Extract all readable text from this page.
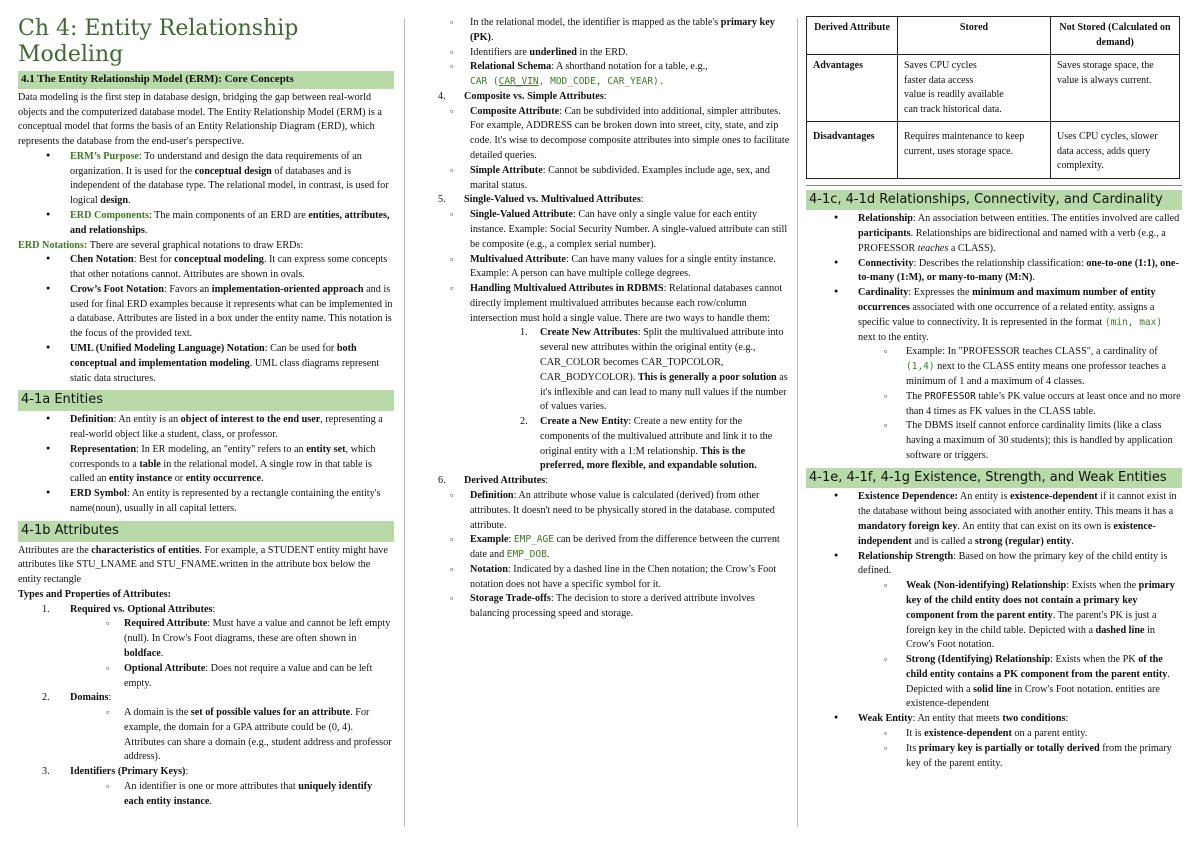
Ch 4: Entity Relationship Modeling
4.1 The Entity Relationship Model (ERM): Core Concepts

Data modeling is the first step in database design, bridging the gap between real-world objects and the computerized database model. The Entity Relationship Model (ERM) is a conceptual model that forms the basis of an Entity Relationship Diagram (ERD), which represents the database from the end-user's perspective.

● ERM’s Purpose: To understand and design the data requirements of an organization. It is used for the conceptual design of databases and is independent of the database type. The relational model, in contrast, is used for logical design.
● ERD Components: The main components of an ERD are entities, attributes, and relationships.

ERD Notations: There are several graphical notations to draw ERDs:

● Chen Notation: Best for conceptual modeling. It can express some concepts that other notations cannot. Attributes are shown in ovals.
● Crow’s Foot Notation: Favors an implementation-oriented approach and is used for final ERD examples because it represents what can be implemented in a database. Attributes are listed in a box under the entity name. This notation is the focus of the provided text.
● UML (Unified Modeling Language) Notation: Can be used for both conceptual and implementation modeling. UML class diagrams represent static data structures.
4-1a Entities
● Definition: An entity is an object of interest to the end user, representing a real-world object like a student, class, or professor.
● Representation: In ER modeling, an "entity" refers to an entity set, which corresponds to a table in the relational model. A single row in that table is called an entity instance or entity occurrence.
● ERD Symbol: An entity is represented by a rectangle containing the entity's name(noun), usually in all capital letters.
4-1b Attributes

Attributes are the characteristics of entities. For example, a STUDENT entity might have attributes like STU_LNAME and STU_FNAME.written in the attribute box below the entity rectangle

Types and Properties of Attributes:

1. Required vs. Optional Attributes:
▫ Required Attribute: Must have a value and cannot be left empty (null). In Crow's Foot diagrams, these are often shown in boldface.
▫ Optional Attribute: Does not require a value and can be left empty.
2. Domains:
▫ A domain is the set of possible values for an attribute. For example, the domain for a GPA attribute could be (0, 4). Attributes can share a domain (e.g., student address and professor address).
3. Identifiers (Primary Keys):
▫ An identifier is one or more attributes that uniquely identify each entity instance.
▫ In the relational model, the identifier is mapped as the table's primary key (PK).
▫ Identifiers are underlined in the ERD.
▫ Relational Schema: A shorthand notation for a table, e.g.,
CAR (CAR_VIN, MOD_CODE, CAR_YEAR).
4. Composite vs. Simple Attributes:
▫ Composite Attribute: Can be subdivided into additional, simpler attributes. For example, ADDRESS can be broken down into street, city, state, and zip code. It's wise to decompose composite attributes into simple ones to facilitate detailed queries.
▫ Simple Attribute: Cannot be subdivided. Examples include age, sex, and marital status.
5. Single-Valued vs. Multivalued Attributes:
▫ Single-Valued Attribute: Can have only a single value for each entity instance. Example: Social Security Number. A single-valued attribute can still be composite (e.g., a complex serial number).
▫ Multivalued Attribute: Can have many values for a single entity instance. Example: A person can have multiple college degrees.
▫ Handling Multivalued Attributes in RDBMS: Relational databases cannot directly implement multivalued attributes because each row/column intersection must hold a single value. There are two ways to handle them:
1. Create New Attributes: Split the multivalued attribute into several new attributes within the original entity (e.g., CAR_COLOR becomes CAR_TOPCOLOR, CAR_BODYCOLOR). This is generally a poor solution as it's inflexible and can lead to many null values if the number of values varies.
2. Create a New Entity: Create a new entity for the components of the multivalued attribute and link it to the original entity with a 1:M relationship. This is the preferred, more flexible, and expandable solution.
6. Derived Attributes:
▫ Definition: An attribute whose value is calculated (derived) from other attributes. It doesn't need to be physically stored in the database. computed attribute.
▫ Example: EMP_AGE can be derived from the difference between the current date and EMP_DOB.
▫ Notation: Indicated by a dashed line in the Chen notation; the Crow’s Foot notation does not have a specific symbol for it.
▫ Storage Trade-offs: The decision to store a derived attribute involves balancing processing speed and storage.
Derived Attribute	Stored	Not Stored (Calculated on demand)
Advantages	Saves CPU cycles
faster data access
value is readily available
can track historical data.	Saves storage space, the value is always current.
Disadvantages	Requires maintenance to keep current, uses storage space.	Uses CPU cycles, slower data access, adds query complexity.
4-1c, 4-1d Relationships, Connectivity, and Cardinality
● Relationship: An association between entities. The entities involved are called participants. Relationships are bidirectional and named with a verb (e.g., a PROFESSOR teaches a CLASS).
● Connectivity: Describes the relationship classification: one-to-one (1:1), one-to-many (1:M), or many-to-many (M:N).
● Cardinality: Expresses the minimum and maximum number of entity occurrences associated with one occurrence of a related entity. assigns a specific value to connectivity. It is represented in the format (min, max) next to the entity.
▫ Example: In "PROFESSOR teaches CLASS", a cardinality of (1,4) next to the CLASS entity means one professor teaches a minimum of 1 and a maximum of 4 classes.
▫ The PROFESSOR table’s PK value occurs at least once and no more than 4 times as FK values in the CLASS table.
▫ The DBMS itself cannot enforce cardinality limits (like a class having a maximum of 30 students); this is handled by application software or triggers.
4-1e, 4-1f, 4-1g Existence, Strength, and Weak Entities
● Existence Dependence: An entity is existence-dependent if it cannot exist in the database without being associated with another entity. This means it has a mandatory foreign key. An entity that can exist on its own is existence-independent and is called a strong (regular) entity.
● Relationship Strength: Based on how the primary key of the child entity is defined.
▫ Weak (Non-identifying) Relationship: Exists when the primary key of the child entity does not contain a primary key component from the parent entity. The parent's PK is just a foreign key in the child table. Depicted with a dashed line in Crow's Foot notation.
▫ Strong (Identifying) Relationship: Exists when the PK of the child entity contains a PK component from the parent entity. Depicted with a solid line in Crow's Foot notation. entities are existence-dependent
● Weak Entity: An entity that meets two conditions:
▫ It is existence-dependent on a parent entity.
▫ Its primary key is partially or totally derived from the primary key of the parent entity.
